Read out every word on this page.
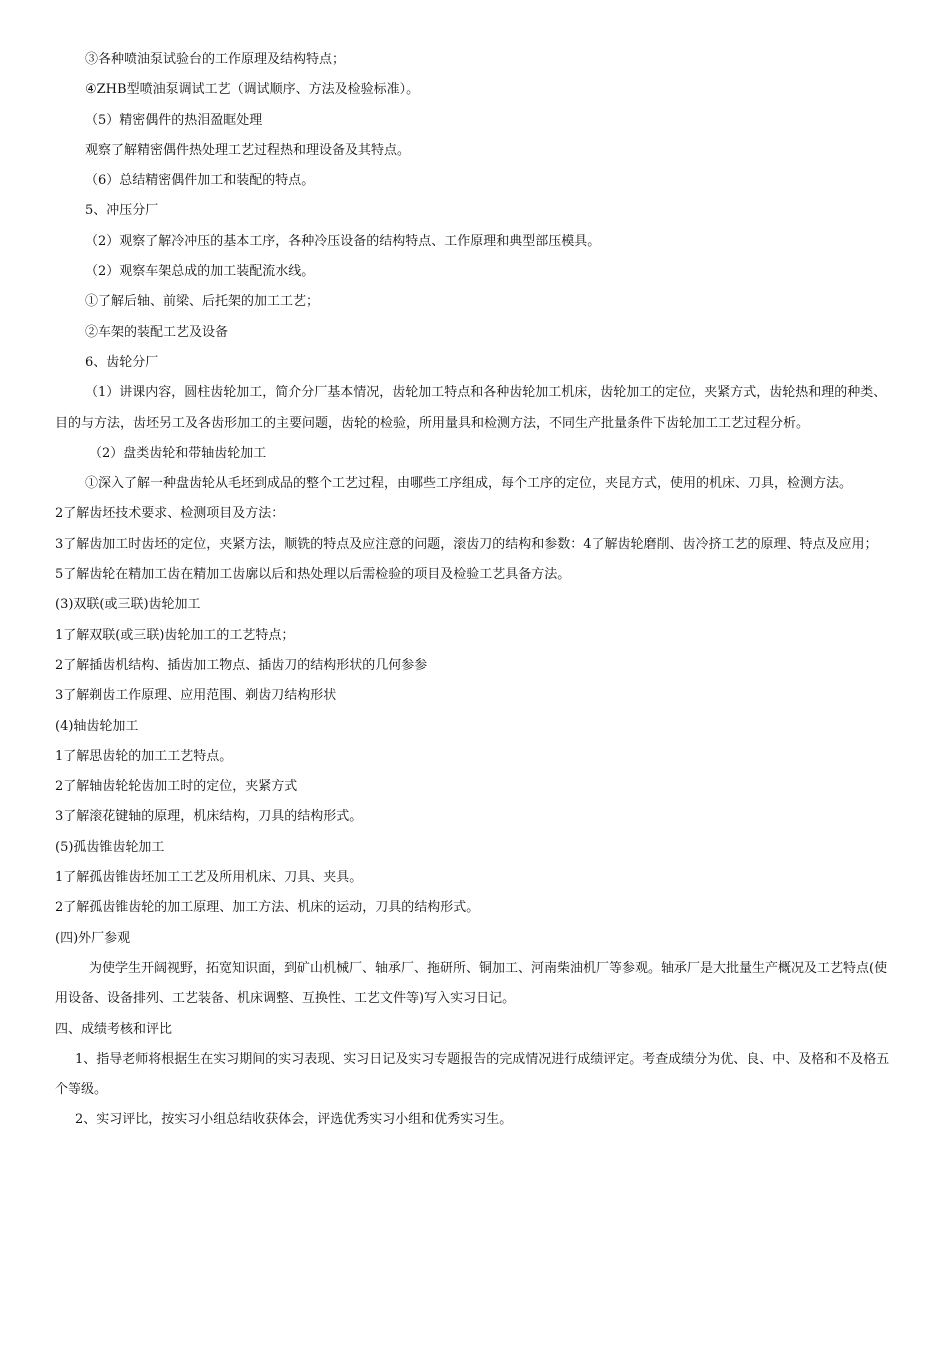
③各种喷油泵试验台的工作原理及结构特点；

④ZHB型喷油泵调试工艺（调试顺序、方法及检验标准）。

（5）精密偶件的热泪盈眶处理

观察了解精密偶件热处理工艺过程热和理设备及其特点。

（6）总结精密偶件加工和装配的特点。

5、冲压分厂

（2）观察了解冷冲压的基本工序，各种冷压设备的结构特点、工作原理和典型部压模具。

（2）观察车架总成的加工装配流水线。

①了解后轴、前梁、后托架的加工工艺；

②车架的装配工艺及设备

6、齿轮分厂

（1）讲课内容，圆柱齿轮加工，简介分厂基本情况，齿轮加工特点和各种齿轮加工机床，齿轮加工的定位，夹紧方式，齿轮热和理的种类、目的与方法，齿坯另工及各齿形加工的主要问题，齿轮的检验，所用量具和检测方法，不同生产批量条件下齿轮加工工艺过程分析。

（2）盘类齿轮和带轴齿轮加工

①深入了解一种盘齿轮从毛坯到成品的整个工艺过程，由哪些工序组成，每个工序的定位，夹昆方式，使用的机床、刀具，检测方法。

2了解齿坯技术要求、检测项目及方法：

3了解齿加工时齿坯的定位，夹紧方法，顺铣的特点及应注意的问题，滚齿刀的结构和参数：4了解齿轮磨削、齿冷挤工艺的原理、特点及应用；

5了解齿轮在精加工齿在精加工齿廓以后和热处理以后需检验的项目及检验工艺具备方法。

(3)双联(或三联)齿轮加工

1了解双联(或三联)齿轮加工的工艺特点；

2了解插齿机结构、插齿加工物点、插齿刀的结构形状的几何参参

3了解剃齿工作原理、应用范围、剃齿刀结构形状

(4)轴齿轮加工

1了解思齿轮的加工工艺特点。

2了解轴齿轮轮齿加工时的定位，夹紧方式

3了解滚花键轴的原理，机床结构，刀具的结构形式。

(5)孤齿锥齿轮加工

1了解孤齿锥齿坯加工工艺及所用机床、刀具、夹具。

2了解孤齿锥齿轮的加工原理、加工方法、机床的运动，刀具的结构形式。

(四)外厂参观

为使学生开阔视野，拓宽知识面，到矿山机械厂、轴承厂、拖研所、铜加工、河南柴油机厂等参观。轴承厂是大批量生产概况及工艺特点(使用设备、设备排列、工艺装备、机床调整、互换性、工艺文件等)写入实习日记。

四、成绩考核和评比

1、指导老师将根据生在实习期间的实习表现、实习日记及实习专题报告的完成情况进行成绩评定。考查成绩分为优、良、中、及格和不及格五个等级。

2、实习评比，按实习小组总结收获体会，评选优秀实习小组和优秀实习生。
